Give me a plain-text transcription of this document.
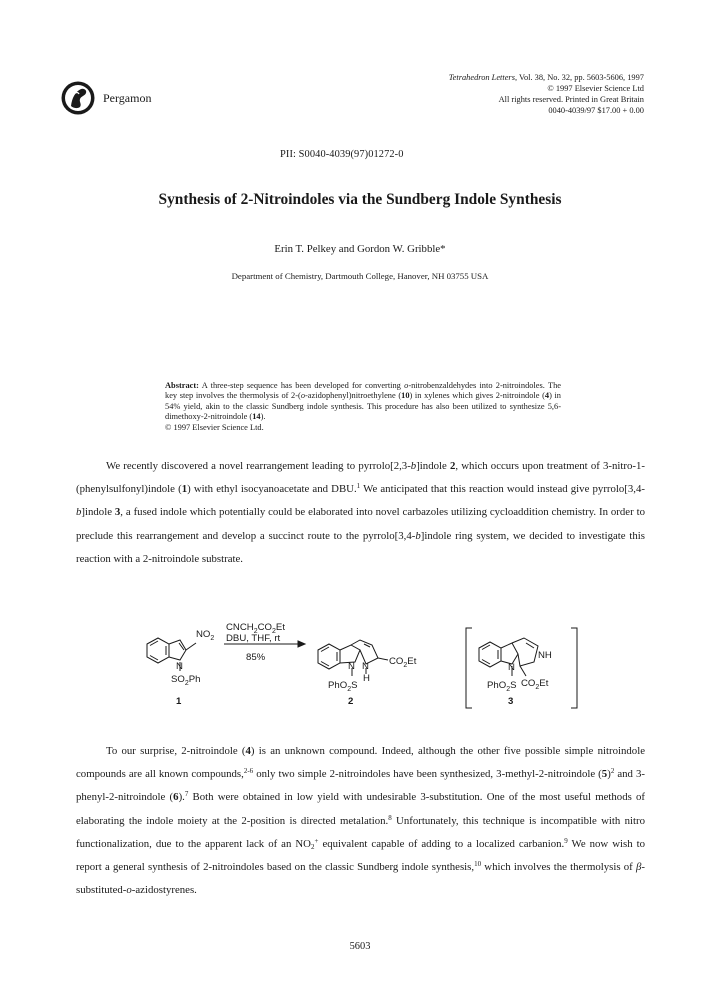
Pergamon
Tetrahedron Letters, Vol. 38, No. 32, pp. 5603-5606, 1997
© 1997 Elsevier Science Ltd
All rights reserved. Printed in Great Britain
0040-4039/97 $17.00 + 0.00
PII: S0040-4039(97)01272-0
Synthesis of 2-Nitroindoles via the Sundberg Indole Synthesis
Erin T. Pelkey and Gordon W. Gribble*
Department of Chemistry, Dartmouth College, Hanover, NH 03755 USA
Abstract: A three-step sequence has been developed for converting o-nitrobenzaldehydes into 2-nitroindoles. The key step involves the thermolysis of 2-(o-azidophenyl)nitroethylene (10) in xylenes which gives 2-nitroindole (4) in 54% yield, akin to the classic Sundberg indole synthesis. This procedure has also been utilized to synthesize 5,6-dimethoxy-2-nitroindole (14).
© 1997 Elsevier Science Ltd.
We recently discovered a novel rearrangement leading to pyrrolo[2,3-b]indole 2, which occurs upon treatment of 3-nitro-1-(phenylsulfonyl)indole (1) with ethyl isocyanoacetate and DBU.$^1$ We anticipated that this reaction would instead give pyrrolo[3,4-b]indole 3, a fused indole which potentially could be elaborated into novel carbazoles utilizing cycloaddition chemistry. In order to preclude this rearrangement and develop a succinct route to the pyrrolo[3,4-b]indole ring system, we decided to investigate this reaction with a 2-nitroindole substrate.
$NO_2$
N
$SO_2Ph$
1
$CNCH_2CO_2Et$
DBU, THF, rt
85%
N N
H
$CO_2Et$
PhO$_2$S
2
NH
N
$CO_2Et$
PhO$_2$S
3
To our surprise, 2-nitroindole (4) is an unknown compound. Indeed, although the other five possible simple nitroindole compounds are all known compounds,$^{2-6}$ only two simple 2-nitroindoles have been synthesized, 3-methyl-2-nitroindole $(5)^2$ and 3-phenyl-2-nitroindole (6).$^7$ Both were obtained in low yield with undesirable 3-substitution. One of the most useful methods of elaborating the indole moiety at the 2-position is directed metalation.$^8$ Unfortunately, this technique is incompatible with nitro functionalization, due to the apparent lack of an $NO_2^+$ equivalent capable of adding to a localized carbanion.$^9$ We now wish to report a general synthesis of 2-nitroindoles based on the classic Sundberg indole synthesis,$^{10}$ which involves the thermolysis of β-substituted-o-azidostyrenes.
5603
